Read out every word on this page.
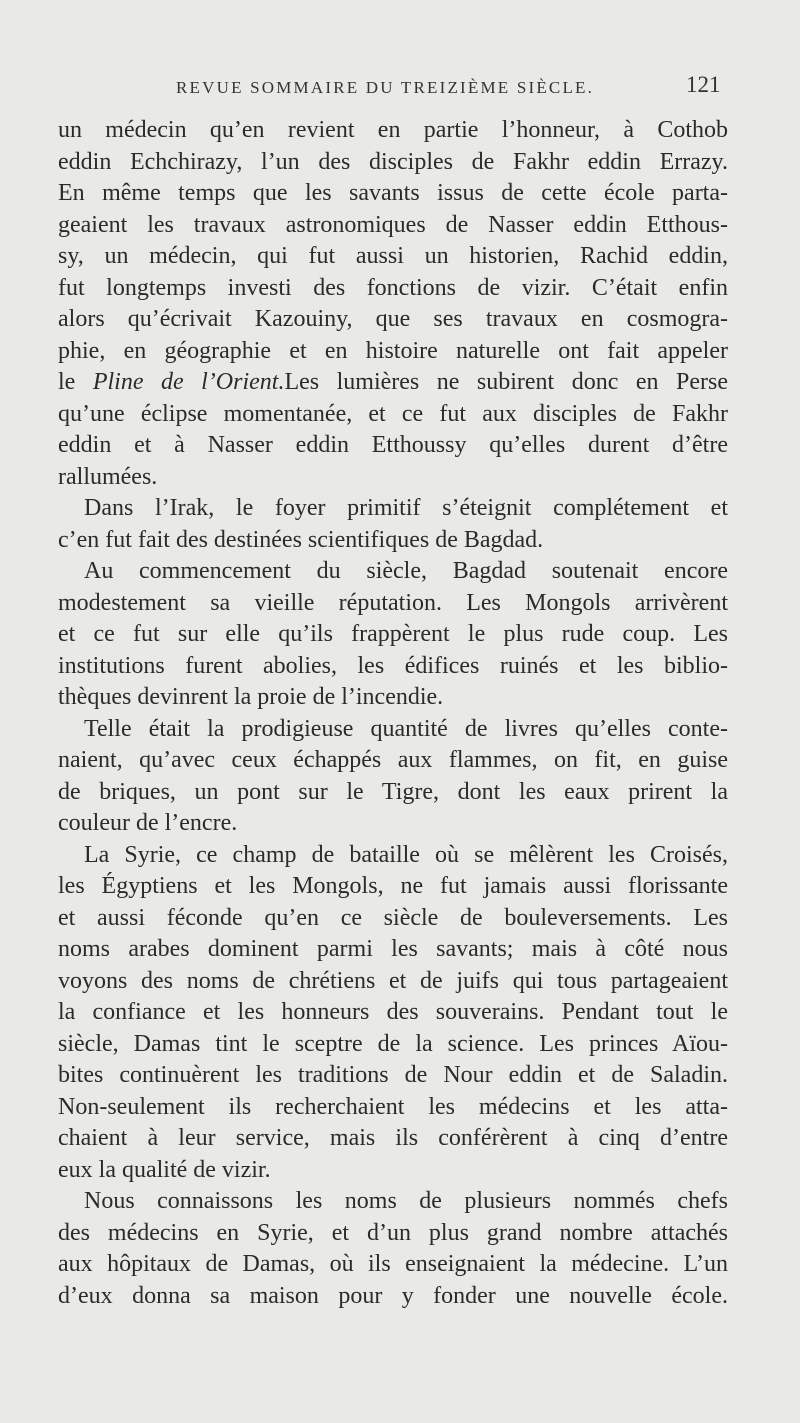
REVUE SOMMAIRE DU TREIZIÈME SIÈCLE.	121
un médecin qu’en revient en partie l’honneur, à Cothob
eddin Echchirazy, l’un des disciples de Fakhr eddin Errazy.
En même temps que les savants issus de cette école parta-
geaient les travaux astronomiques de Nasser eddin Etthous-
sy, un médecin, qui fut aussi un historien, Rachid eddin,
fut longtemps investi des fonctions de vizir. C’était enfin
alors qu’écrivait Kazouiny, que ses travaux en cosmogra-
phie, en géographie et en histoire naturelle ont fait appeler
le Pline de l’Orient.Les lumières ne subirent donc en Perse
qu’une éclipse momentanée, et ce fut aux disciples de Fakhr
eddin et à Nasser eddin Etthoussy qu’elles durent d’être
rallumées.
Dans l’Irak, le foyer primitif s’éteignit complétement et
c’en fut fait des destinées scientifiques de Bagdad.
Au commencement du siècle, Bagdad soutenait encore
modestement sa vieille réputation. Les Mongols arrivèrent
et ce fut sur elle qu’ils frappèrent le plus rude coup. Les
institutions furent abolies, les édifices ruinés et les biblio-
thèques devinrent la proie de l’incendie.
Telle était la prodigieuse quantité de livres qu’elles conte-
naient, qu’avec ceux échappés aux flammes, on fit, en guise
de briques, un pont sur le Tigre, dont les eaux prirent la
couleur de l’encre.
La Syrie, ce champ de bataille où se mêlèrent les Croisés,
les Égyptiens et les Mongols, ne fut jamais aussi florissante
et aussi féconde qu’en ce siècle de bouleversements. Les
noms arabes dominent parmi les savants; mais à côté nous
voyons des noms de chrétiens et de juifs qui tous partageaient
la confiance et les honneurs des souverains. Pendant tout le
siècle, Damas tint le sceptre de la science. Les princes Aïou-
bites continuèrent les traditions de Nour eddin et de Saladin.
Non-seulement ils recherchaient les médecins et les atta-
chaient à leur service, mais ils conférèrent à cinq d’entre
eux la qualité de vizir.
Nous connaissons les noms de plusieurs nommés chefs
des médecins en Syrie, et d’un plus grand nombre attachés
aux hôpitaux de Damas, où ils enseignaient la médecine. L’un
d’eux donna sa maison pour y fonder une nouvelle école.
